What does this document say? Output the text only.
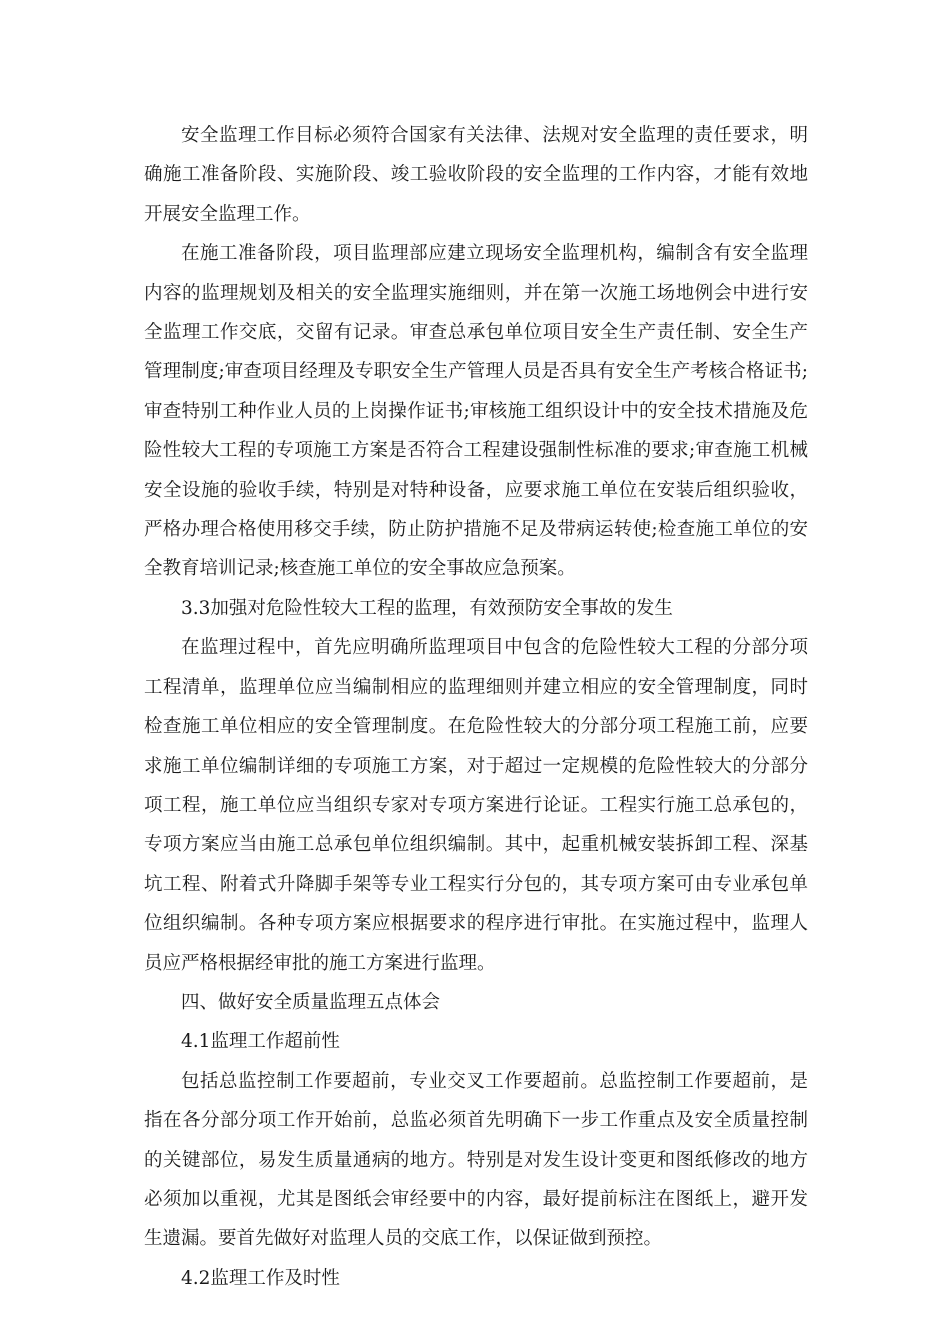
安全监理工作目标必须符合国家有关法律、法规对安全监理的责任要求，明确施工准备阶段、实施阶段、竣工验收阶段的安全监理的工作内容，才能有效地开展安全监理工作。

在施工准备阶段，项目监理部应建立现场安全监理机构，编制含有安全监理内容的监理规划及相关的安全监理实施细则，并在第一次施工场地例会中进行安全监理工作交底，交留有记录。审查总承包单位项目安全生产责任制、安全生产管理制度;审查项目经理及专职安全生产管理人员是否具有安全生产考核合格证书;审查特别工种作业人员的上岗操作证书;审核施工组织设计中的安全技术措施及危险性较大工程的专项施工方案是否符合工程建设强制性标准的要求;审查施工机械安全设施的验收手续，特别是对特种设备，应要求施工单位在安装后组织验收，严格办理合格使用移交手续，防止防护措施不足及带病运转使;检查施工单位的安全教育培训记录;核查施工单位的安全事故应急预案。

3.3加强对危险性较大工程的监理，有效预防安全事故的发生

在监理过程中，首先应明确所监理项目中包含的危险性较大工程的分部分项工程清单，监理单位应当编制相应的监理细则并建立相应的安全管理制度，同时检查施工单位相应的安全管理制度。在危险性较大的分部分项工程施工前，应要求施工单位编制详细的专项施工方案，对于超过一定规模的危险性较大的分部分项工程，施工单位应当组织专家对专项方案进行论证。工程实行施工总承包的，专项方案应当由施工总承包单位组织编制。其中，起重机械安装拆卸工程、深基坑工程、附着式升降脚手架等专业工程实行分包的，其专项方案可由专业承包单位组织编制。各种专项方案应根据要求的程序进行审批。在实施过程中，监理人员应严格根据经审批的施工方案进行监理。

四、做好安全质量监理五点体会

4.1监理工作超前性

包括总监控制工作要超前，专业交叉工作要超前。总监控制工作要超前，是指在各分部分项工作开始前，总监必须首先明确下一步工作重点及安全质量控制的关键部位，易发生质量通病的地方。特别是对发生设计变更和图纸修改的地方必须加以重视，尤其是图纸会审经要中的内容，最好提前标注在图纸上，避开发生遗漏。要首先做好对监理人员的交底工作，以保证做到预控。

4.2监理工作及时性
